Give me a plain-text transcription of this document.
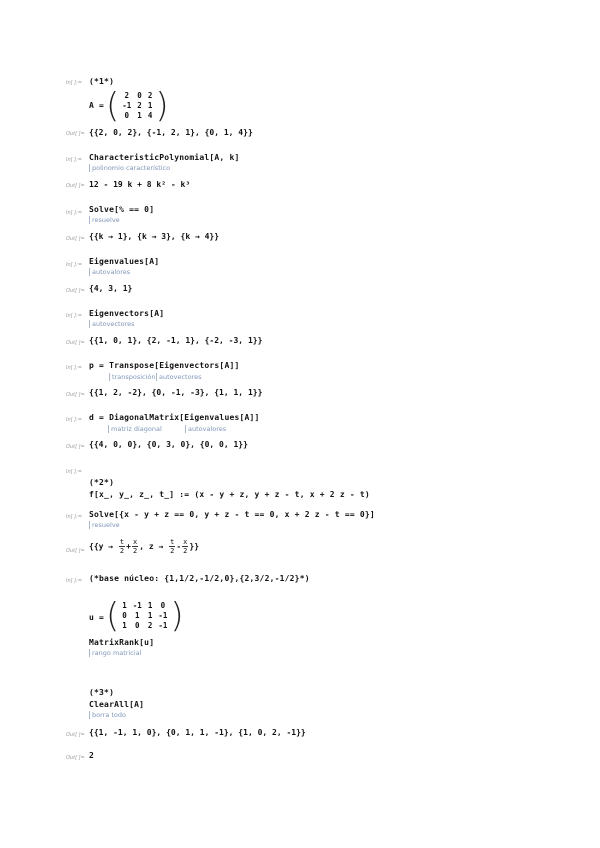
In[ ]:= (*1*)
A = ( 2	0	2
-1	2	1
0	1	4 )
Out[ ]= {{2, 0, 2}, {-1, 2, 1}, {0, 1, 4}}
In[ ]:= CharacteristicPolynomial[A, k]
polinomio característico
Out[ ]= 12 - 19 k + 8 k² - k³
In[ ]:= Solve[% == 0]
resuelve
Out[ ]= {{k → 1}, {k → 3}, {k → 4}}
In[ ]:= Eigenvalues[A]
autovalores
Out[ ]= {4, 3, 1}
In[ ]:= Eigenvectors[A]
autovectores
Out[ ]= {{1, 0, 1}, {2, -1, 1}, {-2, -3, 1}}
In[ ]:= p = Transpose[Eigenvectors[A]]
transposición autovectores
Out[ ]= {{1, 2, -2}, {0, -1, -3}, {1, 1, 1}}
In[ ]:= d = DiagonalMatrix[Eigenvalues[A]]
matriz diagonal	autovalores
Out[ ]= {{4, 0, 0}, {0, 3, 0}, {0, 0, 1}}
In[ ]:=
(*2*)
f[x_, y_, z_, t_] := (x - y + z, y + z - t, x + 2 z - t)
In[ ]:= Solve[{x - y + z == 0, y + z - t == 0, x + 2 z - t == 0}]
resuelve
Out[ ]= {{$y \to \frac{t}{2} + \frac{x}{2}$ , $z \to \frac{t}{2} - \frac{x}{2}$ }}
In[ ]:= (*base núcleo: {1,1/2,-1/2,0},{2,3/2,-1/2}*)
u = ( 1	-1	1	0
0	1	1	-1
1	0	2	-1 )
MatrixRank[u]
rango matricial
(*3*)
ClearAll[A]
borra todo
Out[ ]= {{1, -1, 1, 0}, {0, 1, 1, -1}, {1, 0, 2, -1}}
Out[ ]= 2
